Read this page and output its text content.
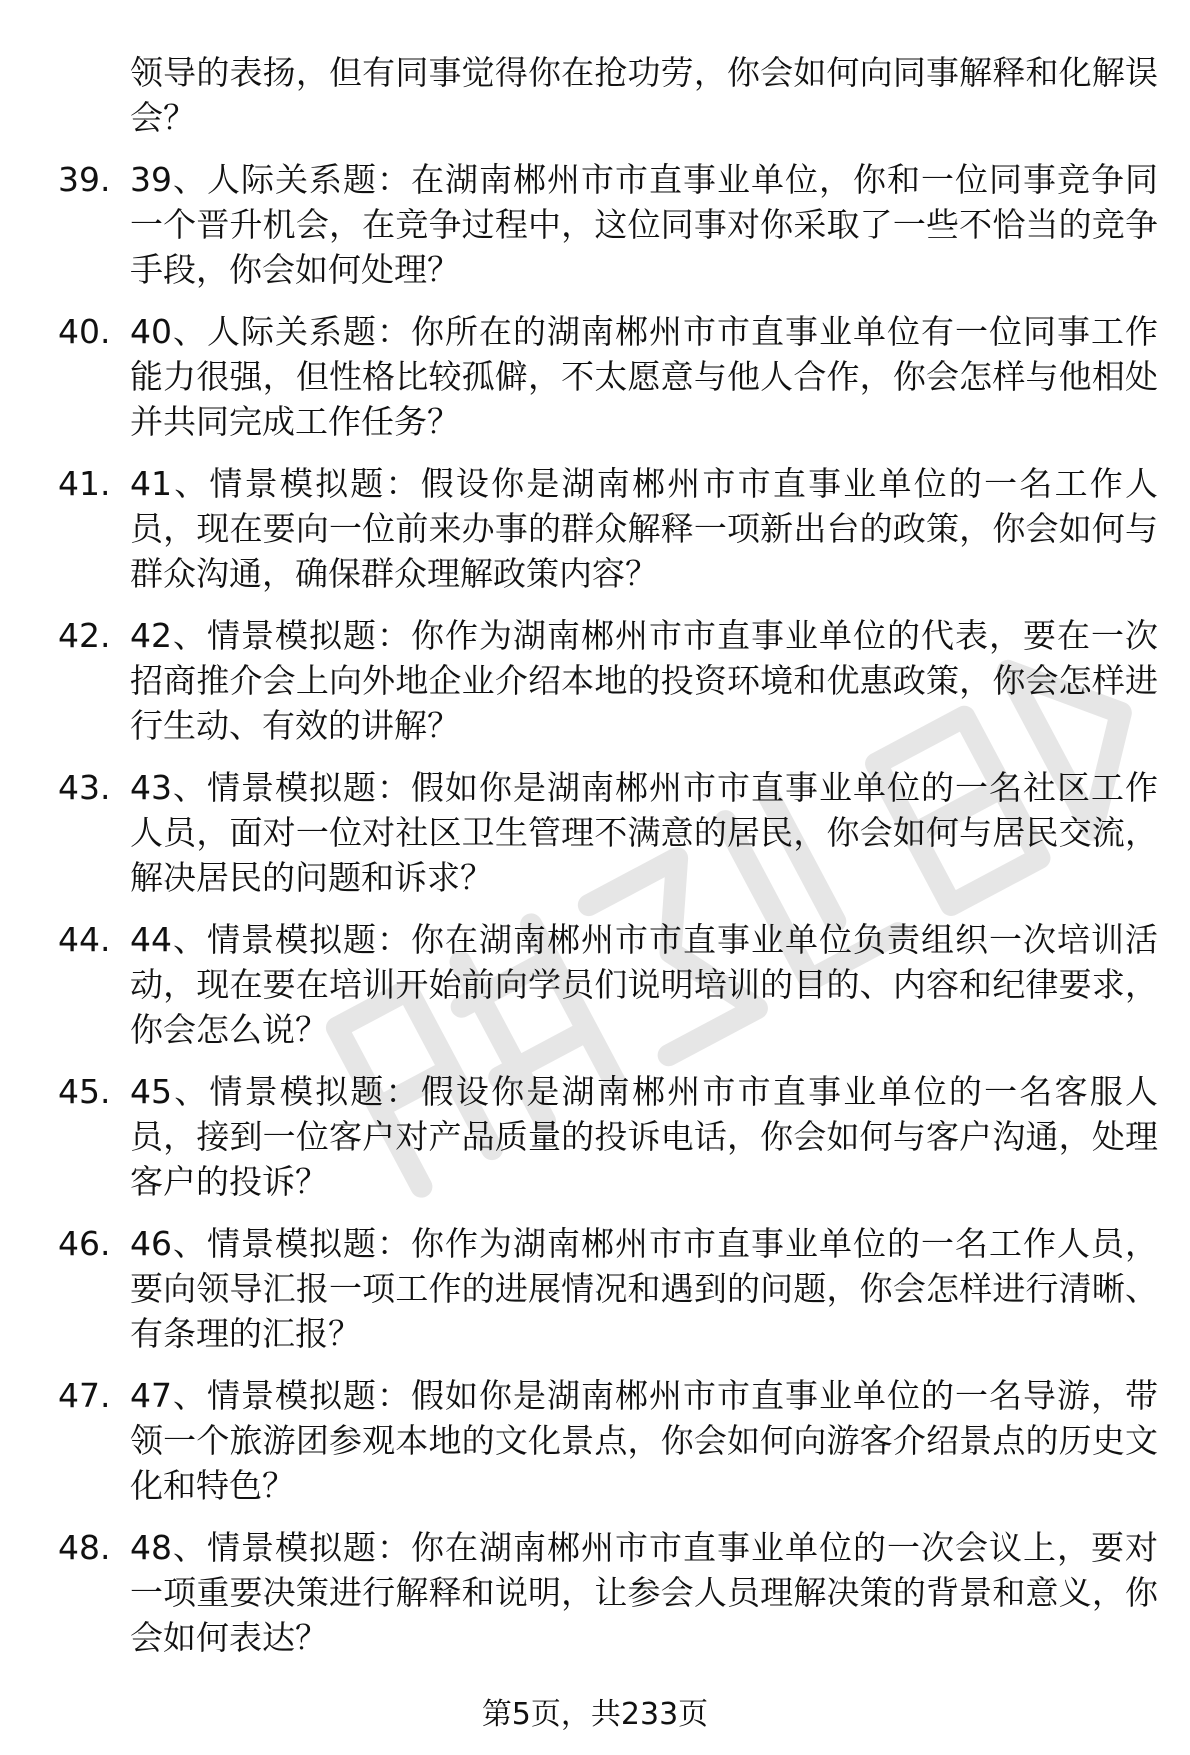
领导的表扬，但有同事觉得你在抢功劳，你会如何向同事解释和化解误会？
39. 39、人际关系题：在湖南郴州市市直事业单位，你和一位同事竞争同一个晋升机会，在竞争过程中，这位同事对你采取了一些不恰当的竞争手段，你会如何处理？
40. 40、人际关系题：你所在的湖南郴州市市直事业单位有一位同事工作能力很强，但性格比较孤僻，不太愿意与他人合作，你会怎样与他相处并共同完成工作任务？
41. 41、情景模拟题：假设你是湖南郴州市市直事业单位的一名工作人员，现在要向一位前来办事的群众解释一项新出台的政策，你会如何与群众沟通，确保群众理解政策内容？
42. 42、情景模拟题：你作为湖南郴州市市直事业单位的代表，要在一次招商推介会上向外地企业介绍本地的投资环境和优惠政策，你会怎样进行生动、有效的讲解？
43. 43、情景模拟题：假如你是湖南郴州市市直事业单位的一名社区工作人员，面对一位对社区卫生管理不满意的居民，你会如何与居民交流，解决居民的问题和诉求？
44. 44、情景模拟题：你在湖南郴州市市直事业单位负责组织一次培训活动，现在要在培训开始前向学员们说明培训的目的、内容和纪律要求，你会怎么说？
45. 45、情景模拟题：假设你是湖南郴州市市直事业单位的一名客服人员，接到一位客户对产品质量的投诉电话，你会如何与客户沟通，处理客户的投诉？
46. 46、情景模拟题：你作为湖南郴州市市直事业单位的一名工作人员，要向领导汇报一项工作的进展情况和遇到的问题，你会怎样进行清晰、有条理的汇报？
47. 47、情景模拟题：假如你是湖南郴州市市直事业单位的一名导游，带领一个旅游团参观本地的文化景点，你会如何向游客介绍景点的历史文化和特色？
48. 48、情景模拟题：你在湖南郴州市市直事业单位的一次会议上，要对一项重要决策进行解释和说明，让参会人员理解决策的背景和意义，你会如何表达？
第5页，共233页
